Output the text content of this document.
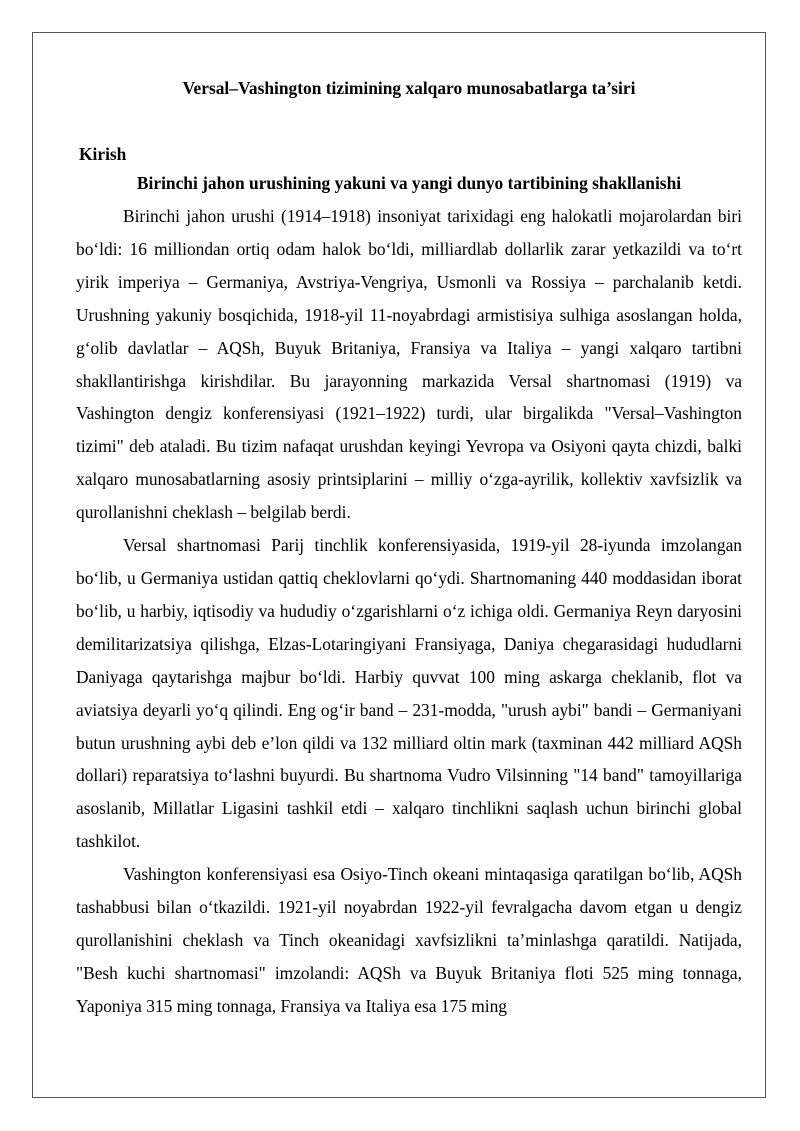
Versal–Vashington tizimining xalqaro munosabatlarga ta’siri

Kirish

Birinchi jahon urushining yakuni va yangi dunyo tartibining shakllanishi

Birinchi jahon urushi (1914–1918) insoniyat tarixidagi eng halokatli mojarolardan biri bo‘ldi: 16 milliondan ortiq odam halok bo‘ldi, milliardlab dollarlik zarar yetkazildi va to‘rt yirik imperiya – Germaniya, Avstriya-Vengriya, Usmonli va Rossiya – parchalanib ketdi. Urushning yakuniy bosqichida, 1918-yil 11-noyabrdagi armistisiya sulhiga asoslangan holda, g‘olib davlatlar – AQSh, Buyuk Britaniya, Fransiya va Italiya – yangi xalqaro tartibni shakllantirishga kirishdilar. Bu jarayonning markazida Versal shartnomasi (1919) va Vashington dengiz konferensiyasi (1921–1922) turdi, ular birgalikda "Versal–Vashington tizimi" deb ataladi. Bu tizim nafaqat urushdan keyingi Yevropa va Osiyoni qayta chizdi, balki xalqaro munosabatlarning asosiy printsiplarini – milliy o‘zga-ayrilik, kollektiv xavfsizlik va qurollanishni cheklash – belgilab berdi.

Versal shartnomasi Parij tinchlik konferensiyasida, 1919-yil 28-iyunda imzolangan bo‘lib, u Germaniya ustidan qattiq cheklovlarni qo‘ydi. Shartnomaning 440 moddasidan iborat bo‘lib, u harbiy, iqtisodiy va hududiy o‘zgarishlarni o‘z ichiga oldi. Germaniya Reyn daryosini demilitarizatsiya qilishga, Elzas-Lotaringiyani Fransiyaga, Daniya chegarasidagi hududlarni Daniyaga qaytarishga majbur bo‘ldi. Harbiy quvvat 100 ming askarga cheklanib, flot va aviatsiya deyarli yo‘q qilindi. Eng og‘ir band – 231-modda, "urush aybi" bandi – Germaniyani butun urushning aybi deb e’lon qildi va 132 milliard oltin mark (taxminan 442 milliard AQSh dollari) reparatsiya to‘lashni buyurdi. Bu shartnoma Vudro Vilsinning "14 band" tamoyillariga asoslanib, Millatlar Ligasini tashkil etdi – xalqaro tinchlikni saqlash uchun birinchi global tashkilot.

Vashington konferensiyasi esa Osiyo-Tinch okeani mintaqasiga qaratilgan bo‘lib, AQSh tashabbusi bilan o‘tkazildi. 1921-yil noyabrdan 1922-yil fevralgacha davom etgan u dengiz qurollanishini cheklash va Tinch okeanidagi xavfsizlikni ta’minlashga qaratildi. Natijada, "Besh kuchi shartnomasi" imzolandi: AQSh va Buyuk Britaniya floti 525 ming tonnaga, Yaponiya 315 ming tonnaga, Fransiya va Italiya esa 175 ming
